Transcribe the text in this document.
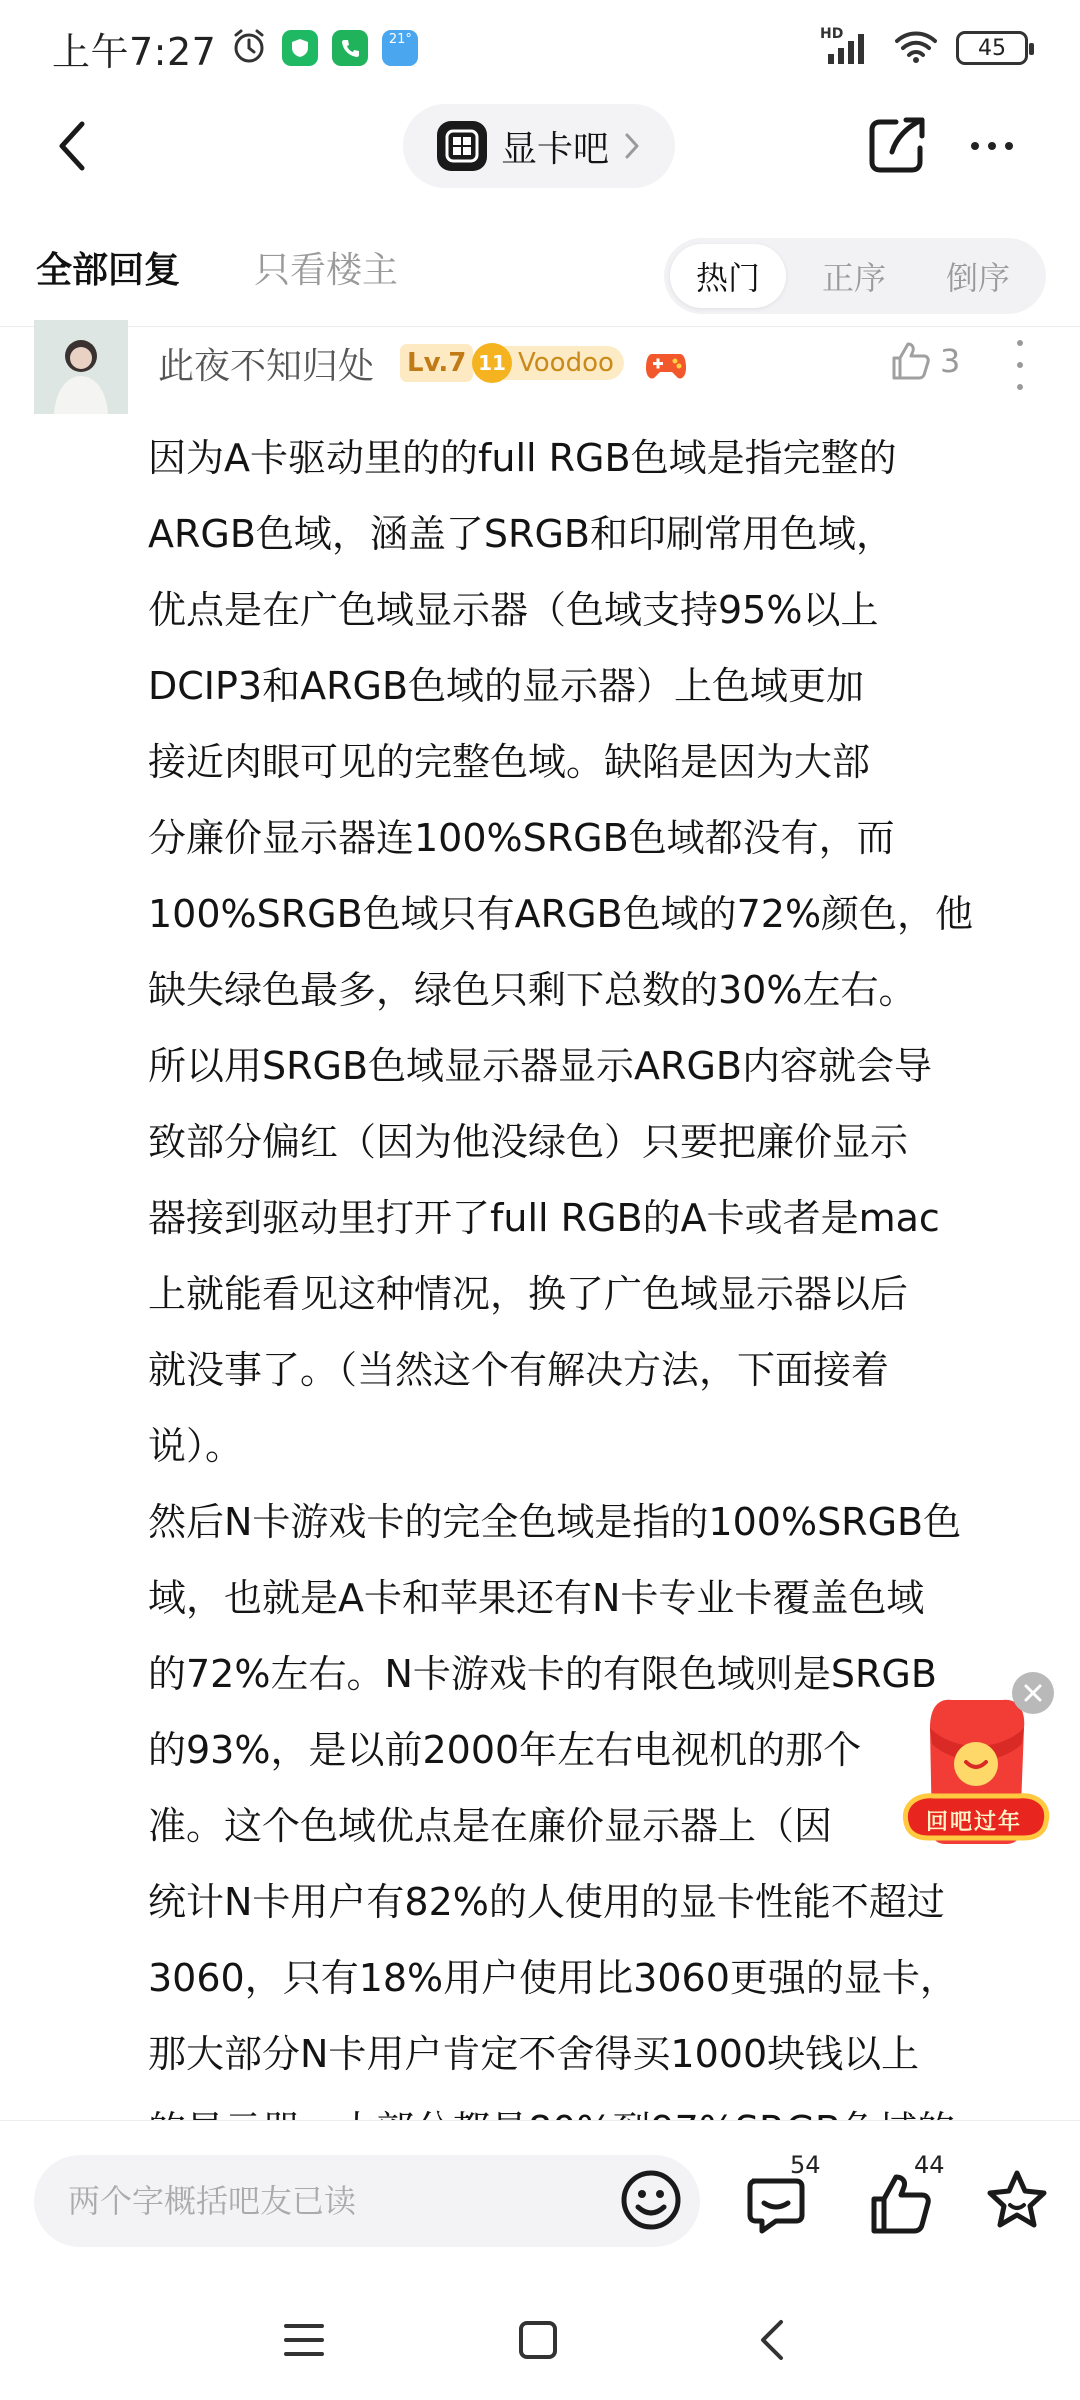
上午7:27	21°	HD
45
显卡吧
全部回复 只看楼主	热门	正序	倒序
此夜不知归处 Lv.7 11 Voodoo	3
因为A卡驱动里的的full RGB色域是指完整的
ARGB色域，涵盖了SRGB和印刷常用色域，
优点是在广色域显示器（色域支持95%以上
DCIP3和ARGB色域的显示器）上色域更加
接近肉眼可见的完整色域。缺陷是因为大部
分廉价显示器连100%SRGB色域都没有，而
100%SRGB色域只有ARGB色域的72%颜色，他
缺失绿色最多，绿色只剩下总数的30%左右。
所以用SRGB色域显示器显示ARGB内容就会导
致部分偏红（因为他没绿色）只要把廉价显示
器接到驱动里打开了full RGB的A卡或者是mac
上就能看见这种情况，换了广色域显示器以后
就没事了。（当然这个有解决方法，下面接着
说）。
然后N卡游戏卡的完全色域是指的100%SRGB色
域，也就是A卡和苹果还有N卡专业卡覆盖色域
的72%左右。N卡游戏卡的有限色域则是SRGB
的93%，是以前2000年左右电视机的那个
准。这个色域优点是在廉价显示器上（因
统计N卡用户有82%的人使用的显卡性能不超过
3060，只有18%用户使用比3060更强的显卡，
那大部分N卡用户肯定不舍得买1000块钱以上
回吧过年
两个字概括吧友已读
54	44
